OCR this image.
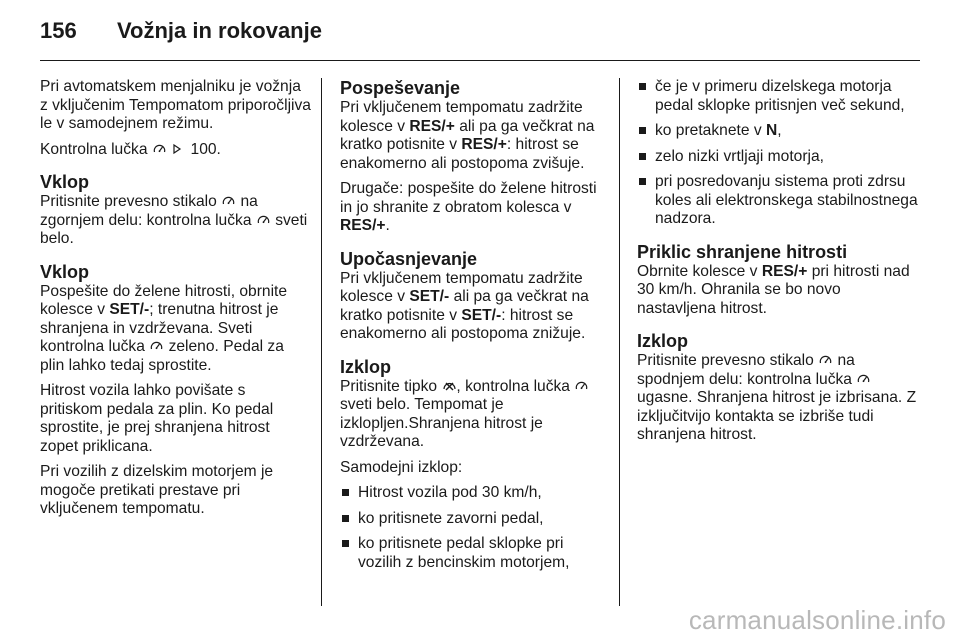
156 Vožnja in rokovanje

Pri avtomatskem menjalniku je vožnja z vključenim Tempomatom priporočljiva le v samodejnem režimu.

Kontrolna lučka
	100.

Vklop

Pritisnite prevesno stikalo na zgornjem delu: kontrolna lučka sveti belo.

Vklop

Pospešite do želene hitrosti, obrnite kolesce v SET/-; trenutna hitrost je shranjena in vzdrževana. Sveti kontrolna lučka zeleno. Pedal za plin lahko tedaj sprostite.

Hitrost vozila lahko povišate s pritiskom pedala za plin. Ko pedal sprostite, je prej shranjena hitrost zopet priklicana.

Pri vozilih z dizelskim motorjem je mogoče pretikati prestave pri vključenem tempomatu.

Pospeševanje

Pri vključenem tempomatu zadržite kolesce v RES/+ ali pa ga večkrat na kratko potisnite v RES/+: hitrost se enakomerno ali postopoma zvišuje.

Drugače: pospešite do želene hitrosti in jo shranite z obratom kolesca v RES/+.

Upočasnjevanje

Pri vključenem tempomatu zadržite kolesce v SET/- ali pa ga večkrat na kratko potisnite v SET/-: hitrost se enakomerno ali postopoma znižuje.

Izklop

Pritisnite tipko , kontrolna lučka
sveti belo. Tempomat je izklopljen.Shranjena hitrost je vzdrževana.

Samodejni izklop:

Hitrost vozila pod 30 km/h,
ko pritisnete zavorni pedal,
ko pritisnete pedal sklopke pri vozilih z bencinskim motorjem,
če je v primeru dizelskega motorja pedal sklopke pritisnjen več sekund,
ko pretaknete v N,
zelo nizki vrtljaji motorja,
pri posredovanju sistema proti zdrsu koles ali elektronskega stabilnostnega nadzora.
Priklic shranjene hitrosti

Obrnite kolesce v RES/+ pri hitrosti nad 30 km/h. Ohranila se bo novo nastavljena hitrost.

Izklop

Pritisnite prevesno stikalo na spodnjem delu: kontrolna lučka
ugasne. Shranjena hitrost je izbrisana. Z izključitvijo kontakta se izbriše tudi shranjena hitrost.

carmanualsonline.info
